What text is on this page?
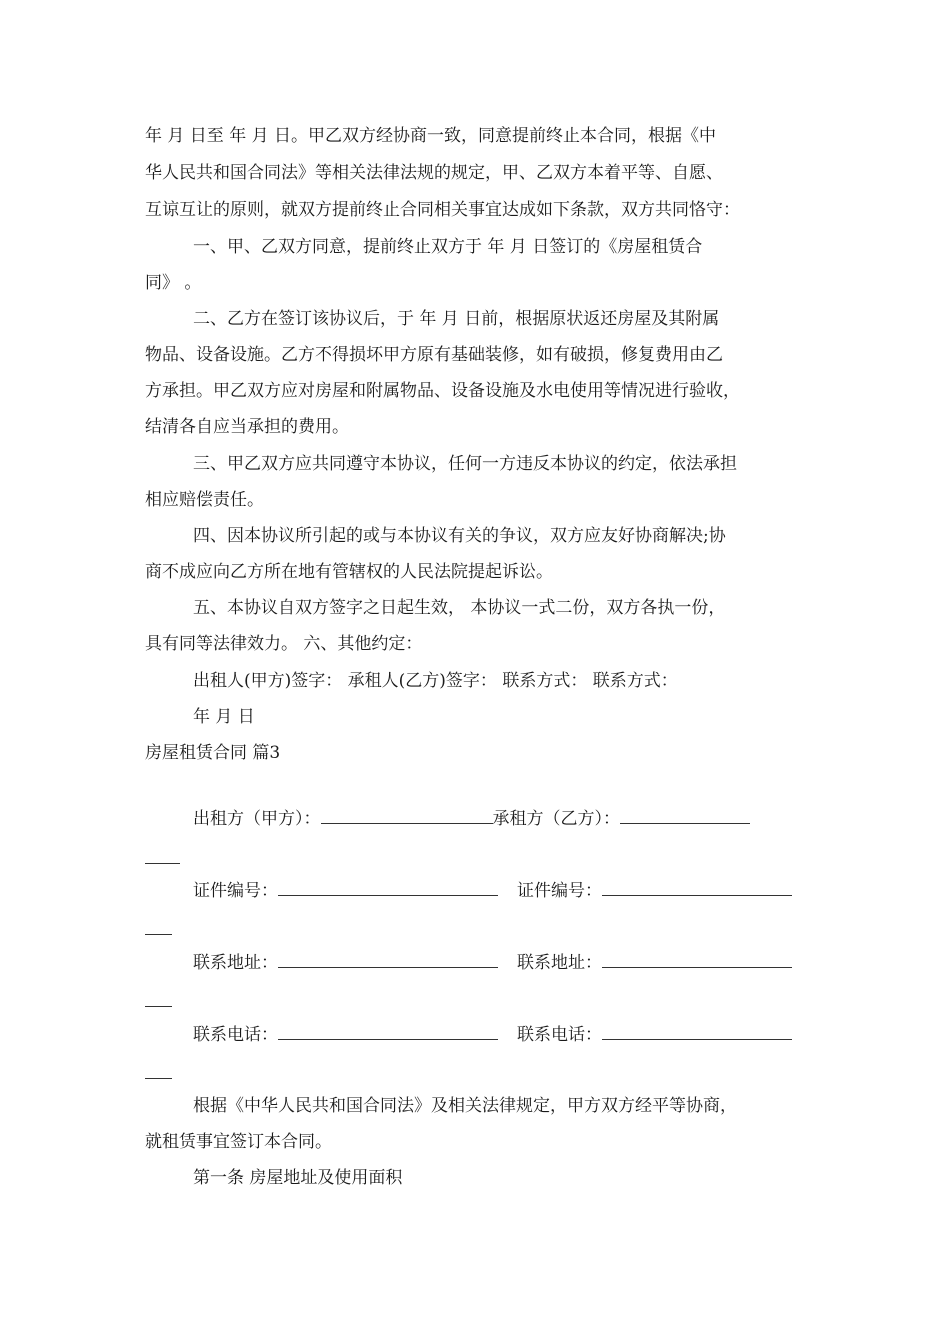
年 月 日至 年 月 日。甲乙双方经协商一致，同意提前终止本合同，根据《中
华人民共和国合同法》等相关法律法规的规定，甲、乙双方本着平等、自愿、
互谅互让的原则，就双方提前终止合同相关事宜达成如下条款，双方共同恪守：
一、甲、乙双方同意，提前终止双方于 年 月 日签订的《房屋租赁合
同》 。
二、乙方在签订该协议后，于 年 月 日前，根据原状返还房屋及其附属
物品、设备设施。乙方不得损坏甲方原有基础装修，如有破损，修复费用由乙
方承担。甲乙双方应对房屋和附属物品、设备设施及水电使用等情况进行验收，
结清各自应当承担的费用。
三、甲乙双方应共同遵守本协议，任何一方违反本协议的约定，依法承担
相应赔偿责任。
四、因本协议所引起的或与本协议有关的争议，双方应友好协商解决;协
商不成应向乙方所在地有管辖权的人民法院提起诉讼。
五、本协议自双方签字之日起生效， 本协议一式二份，双方各执一份，
具有同等法律效力。 六、其他约定：
出租人(甲方)签字： 承租人(乙方)签字： 联系方式： 联系方式：
年 月 日
房屋租赁合同 篇3
出租方（甲方）：	承租方（乙方）：
证件编号：	证件编号：
联系地址：	联系地址：
联系电话：	联系电话：
根据《中华人民共和国合同法》及相关法律规定，甲方双方经平等协商，
就租赁事宜签订本合同。
第一条 房屋地址及使用面积
